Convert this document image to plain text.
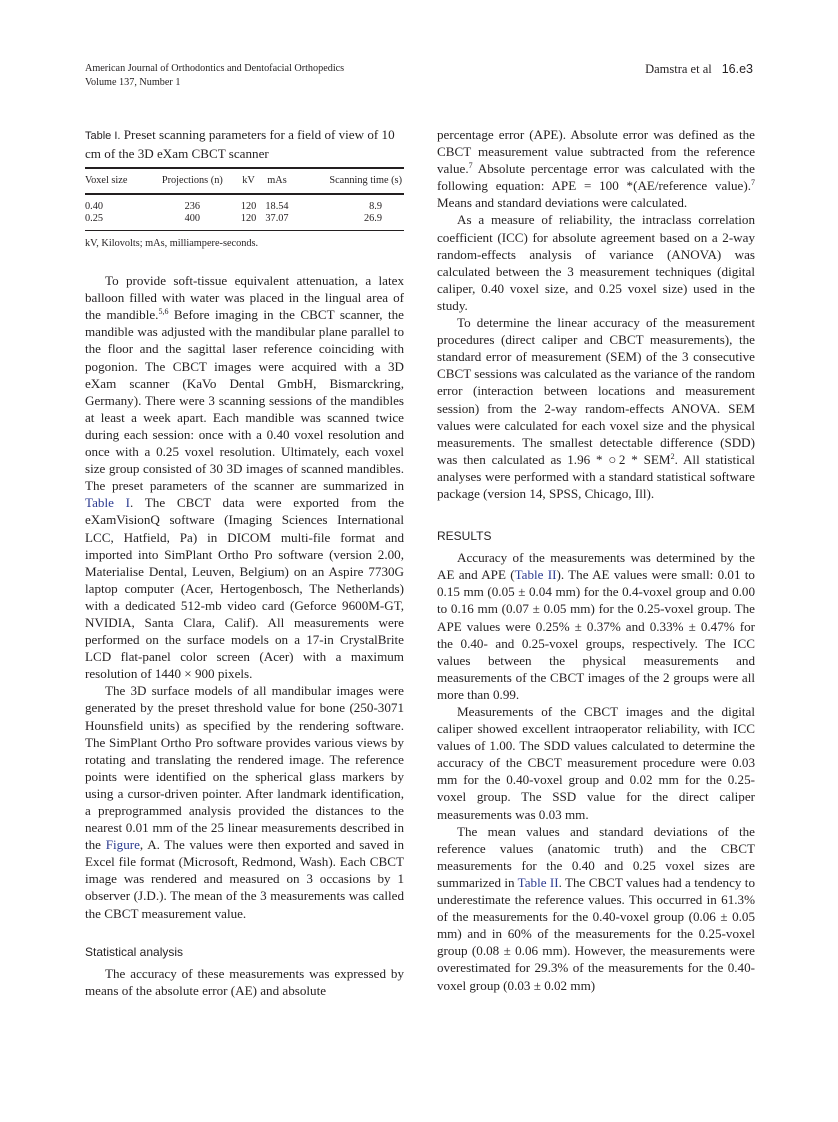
American Journal of Orthodontics and Dentofacial Orthopedics
Volume 137, Number 1
Damstra et al 16.e3
Table I. Preset scanning parameters for a field of view of 10 cm of the 3D eXam CBCT scanner
Voxel size	Projections (n)	kV	mAs	Scanning time (s)
0.40	236	120	18.54	8.9
0.25	400	120	37.07	26.9
kV, Kilovolts; mAs, milliampere-seconds.

To provide soft-tissue equivalent attenuation, a latex balloon filled with water was placed in the lingual area of the mandible.$^{5,6}$ Before imaging in the CBCT scanner, the mandible was adjusted with the mandibular plane parallel to the floor and the sagittal laser reference coinciding with pogonion. The CBCT images were acquired with a 3D eXam scanner (KaVo Dental GmbH, Bismarckring, Germany). There were 3 scanning sessions of the mandibles at least a week apart. Each mandible was scanned twice during each session: once with a 0.40 voxel resolution and once with a 0.25 voxel resolution. Ultimately, each voxel size group consisted of 30 3D images of scanned mandibles. The preset parameters of the scanner are summarized in Table I. The CBCT data were exported from the eXamVisionQ software (Imaging Sciences International LCC, Hatfield, Pa) in DICOM multi-file format and imported into SimPlant Ortho Pro software (version 2.00, Materialise Dental, Leuven, Belgium) on an Aspire 7730G laptop computer (Acer, Hertogenbosch, The Netherlands) with a dedicated 512-mb video card (Geforce 9600M-GT, NVIDIA, Santa Clara, Calif). All measurements were performed on the surface models on a 17-in CrystalBrite LCD flat-panel color screen (Acer) with a maximum resolution of 1440 × 900 pixels.

The 3D surface models of all mandibular images were generated by the preset threshold value for bone (250-3071 Hounsfield units) as specified by the rendering software. The SimPlant Ortho Pro software provides various views by rotating and translating the rendered image. The reference points were identified on the spherical glass markers by using a cursor-driven pointer. After landmark identification, a preprogrammed analysis provided the distances to the nearest 0.01 mm of the 25 linear measurements described in the Figure, A. The values were then exported and saved in Excel file format (Microsoft, Redmond, Wash). Each CBCT image was rendered and measured on 3 occasions by 1 observer (J.D.). The mean of the 3 measurements was called the CBCT measurement value.

Statistical analysis

The accuracy of these measurements was expressed by means of the absolute error (AE) and absolute

percentage error (APE). Absolute error was defined as the CBCT measurement value subtracted from the reference value.$^7$ Absolute percentage error was calculated with the following equation: APE = 100 *(AE/reference value).$^7$ Means and standard deviations were calculated.

As a measure of reliability, the intraclass correlation coefficient (ICC) for absolute agreement based on a 2-way random-effects analysis of variance (ANOVA) was calculated between the 3 measurement techniques (digital caliper, 0.40 voxel size, and 0.25 voxel size) used in the study.

To determine the linear accuracy of the measurement procedures (direct caliper and CBCT measurements), the standard error of measurement (SEM) of the 3 consecutive CBCT sessions was calculated as the variance of the random error (interaction between locations and measurement session) from the 2-way random-effects ANOVA. SEM values were calculated for each voxel size and the physical measurements. The smallest detectable difference (SDD) was then calculated as 1.96 * ○2 * SEM$^2$. All statistical analyses were performed with a standard statistical software package (version 14, SPSS, Chicago, Ill).

RESULTS

Accuracy of the measurements was determined by the AE and APE (Table II). The AE values were small: 0.01 to 0.15 mm (0.05 ± 0.04 mm) for the 0.4-voxel group and 0.00 to 0.16 mm (0.07 ± 0.05 mm) for the 0.25-voxel group. The APE values were 0.25% ± 0.37% and 0.33% ± 0.47% for the 0.40- and 0.25-voxel groups, respectively. The ICC values between the physical measurements and measurements of the CBCT images of the 2 groups were all more than 0.99.

Measurements of the CBCT images and the digital caliper showed excellent intraoperator reliability, with ICC values of 1.00. The SDD values calculated to determine the accuracy of the CBCT measurement procedure were 0.03 mm for the 0.40-voxel group and 0.02 mm for the 0.25-voxel group. The SSD value for the direct caliper measurements was 0.03 mm.

The mean values and standard deviations of the reference values (anatomic truth) and the CBCT measurements for the 0.40 and 0.25 voxel sizes are summarized in Table II. The CBCT values had a tendency to underestimate the reference values. This occurred in 61.3% of the measurements for the 0.40-voxel group (0.06 ± 0.05 mm) and in 60% of the measurements for the 0.25-voxel group (0.08 ± 0.06 mm). However, the measurements were overestimated for 29.3% of the measurements for the 0.40-voxel group (0.03 ± 0.02 mm)
